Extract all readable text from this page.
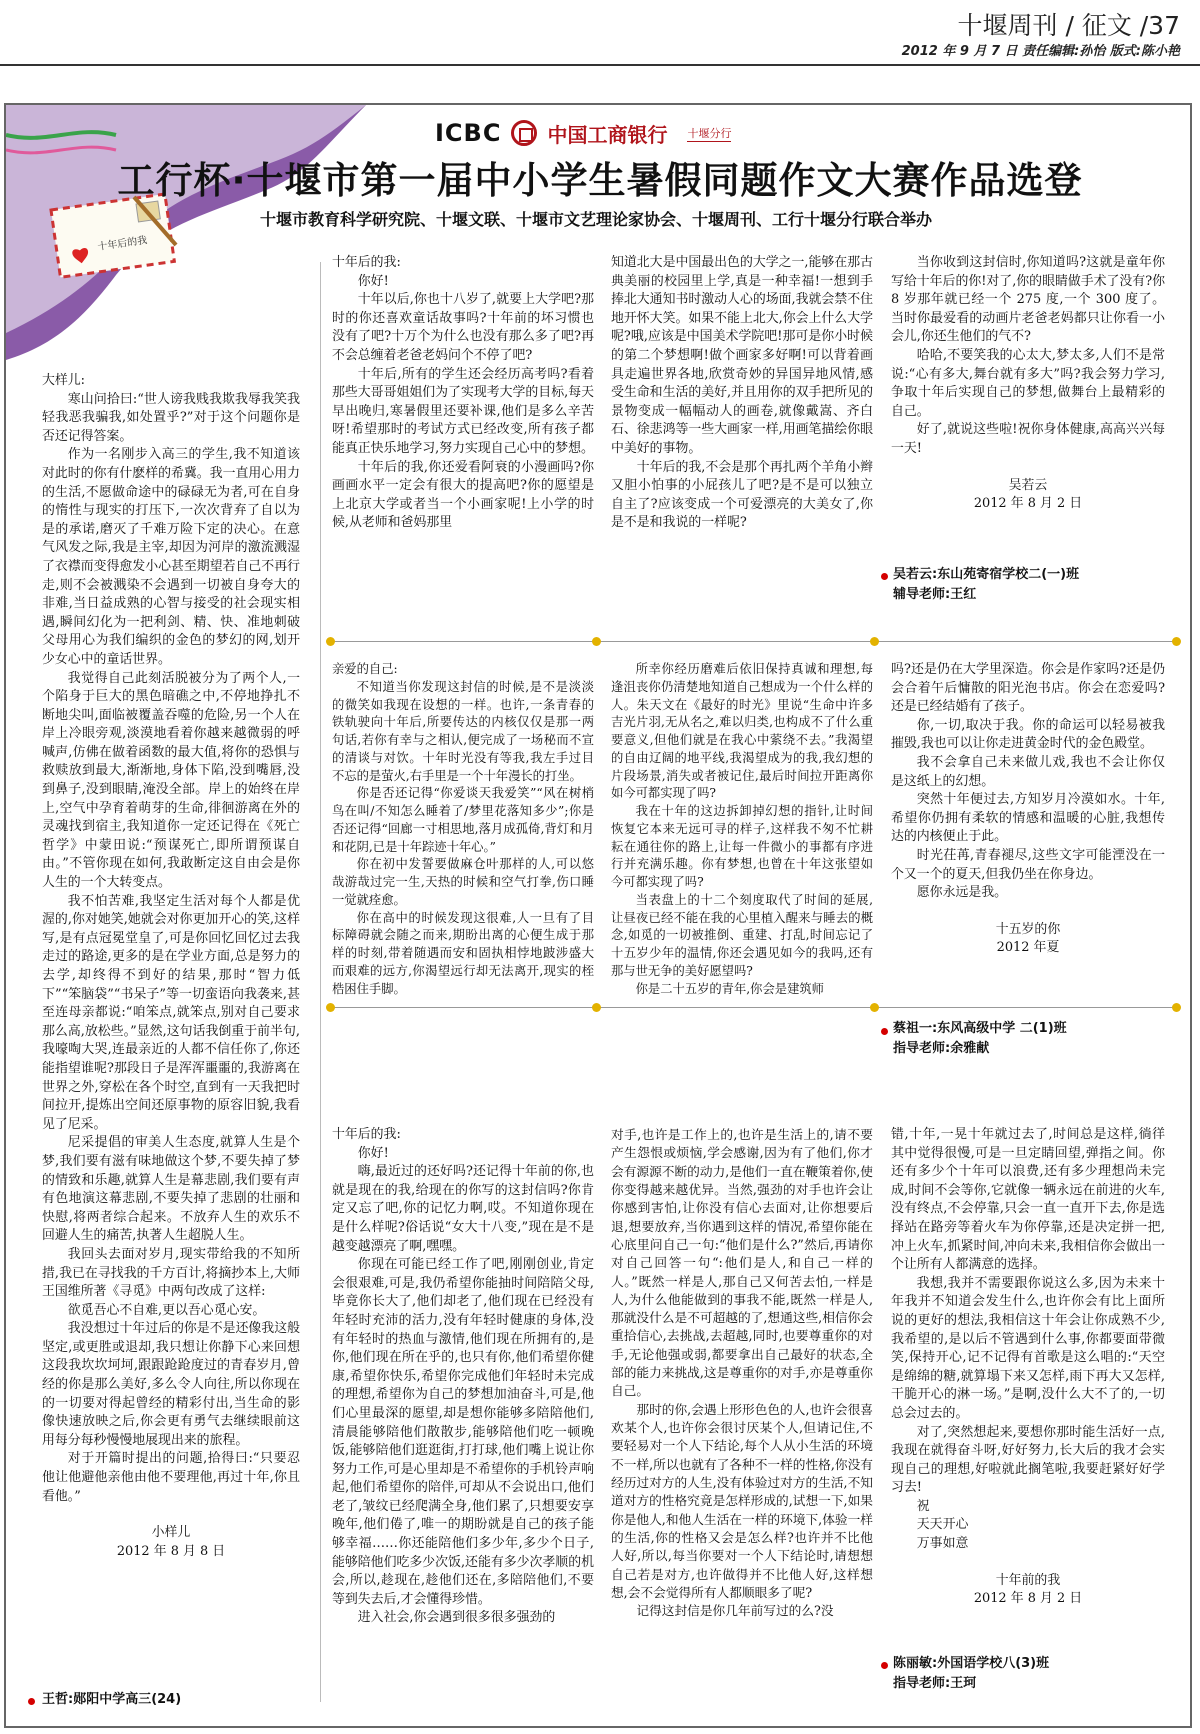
十堰周刊 / 征文 /37
2012 年 9 月 7 日 责任编辑:孙怡 版式:陈小艳
十年后的我
ICBC 中国工商银行 十堰分行
工行杯·十堰市第一届中小学生暑假同题作文大赛作品选登
十堰市教育科学研究院、十堰文联、十堰市文艺理论家协会、十堰周刊、工行十堰分行联合举办

大样儿:

寒山问拾曰:“世人谤我贱我欺我辱我笑我轻我恶我骗我,如处置乎?”对于这个问题你是否还记得答案。

作为一名刚步入高三的学生,我不知道该对此时的你有什麽样的希冀。我一直用心用力的生活,不愿做命途中的碌碌无为者,可在自身的惰性与现实的打压下,一次次背弃了自以为是的承诺,磨灭了千难万险下定的决心。在意气风发之际,我是主宰,却因为河岸的激流溅湿了衣襟而变得愈发小心甚至期望若自己不再行走,则不会被溅染不会遇到一切被自身夸大的非难,当日益成熟的心智与接受的社会现实相遇,瞬间幻化为一把利剑、精、快、准地刺破父母用心为我们编织的金色的梦幻的网,划开少女心中的童话世界。

我觉得自己此刻活脱被分为了两个人,一个陷身于巨大的黑色暗礁之中,不停地挣扎不断地尖叫,面临被覆盖吞噬的危险,另一个人在岸上冷眼旁观,淡漠地看着你越来越微弱的呼喊声,仿佛在做着函数的最大值,将你的恐惧与救赎放到最大,渐渐地,身体下陷,没到嘴唇,没到鼻子,没到眼睛,淹没全部。岸上的始终在岸上,空气中孕育着萌芽的生命,徘徊游离在外的灵魂找到宿主,我知道你一定还记得在《死亡哲学》中蒙田说:“预谋死亡,即所谓预谋自由。”不管你现在如何,我敢断定这自由会是你人生的一个大转变点。

我不怕苦难,我坚定生活对每个人都是优渥的,你对她笑,她就会对你更加开心的笑,这样写,是有点冠冕堂皇了,可是你回忆回忆过去我走过的路途,更多的是在学业方面,总是努力的去学,却终得不到好的结果,那时“智力低下”“笨脑袋”“书呆子”等一切蛮语向我袭来,甚至连母亲都说:“咱笨点,就笨点,别对自己要求那么高,放松些。”显然,这句话我倒重于前半句,我嚎啕大哭,连最亲近的人都不信任你了,你还能指望谁呢?那段日子是浑浑噩噩的,我游离在世界之外,穿松在各个时空,直到有一天我把时间拉开,提炼出空间还原事物的原容旧貌,我看见了尼采。

尼采提倡的审美人生态度,就算人生是个梦,我们要有滋有味地做这个梦,不要失掉了梦的情致和乐趣,就算人生是幕悲剧,我们要有声有色地演这幕悲剧,不要失掉了悲剧的壮丽和快慰,将两者综合起来。不放弃人生的欢乐不回避人生的痛苦,执著人生超脱人生。

我回头去面对岁月,现实带给我的不知所措,我已在寻找我的千方百计,将摘抄本上,大师王国维所著《寻觅》中两句改成了这样:

欲觅吾心不自难,更以吾心觅心安。

我没想过十年过后的你是不是还像我这般坚定,或更胜或退却,我只想让你静下心来回想这段我坎坎坷坷,跟跟跄跄度过的青春岁月,曾经的你是那么美好,多么令人向往,所以你现在的一切要对得起曾经的精彩付出,当生命的影像快速放映之后,你会更有勇气去继续眼前这用每分每秒慢慢地展现出来的旅程。

对于开篇时提出的问题,拾得曰:“只要忍他让他避他亲他由他不要理他,再过十年,你且看他。”

小样儿

2012 年 8 月 8 日

王哲:郧阳中学高三(24)

十年后的我:

你好!

十年以后,你也十八岁了,就要上大学吧?那时的你还喜欢童话故事吗?十年前的坏习惯也没有了吧?十万个为什么也没有那么多了吧?再不会总缠着老爸老妈问个不停了吧?

十年后,所有的学生还会经历高考吗?看着那些大哥哥姐姐们为了实现考大学的目标,每天早出晚归,寒暑假里还要补课,他们是多么辛苦呀!希望那时的考试方式已经改变,所有孩子都能真正快乐地学习,努力实现自己心中的梦想。

十年后的我,你还爱看阿衰的小漫画吗?你画画水平一定会有很大的提高吧?你的愿望是上北京大学或者当一个小画家呢!上小学的时候,从老师和爸妈那里

知道北大是中国最出色的大学之一,能够在那古典美丽的校园里上学,真是一种幸福!一想到手捧北大通知书时激动人心的场面,我就会禁不住地开怀大笑。如果不能上北大,你会上什么大学呢?哦,应该是中国美术学院吧!那可是你小时候的第二个梦想啊!做个画家多好啊!可以背着画具走遍世界各地,欣赏奇妙的异国异地风情,感受生命和生活的美好,并且用你的双手把所见的景物变成一幅幅动人的画卷,就像戴嵩、齐白石、徐悲鸿等一些大画家一样,用画笔描绘你眼中美好的事物。

十年后的我,不会是那个再扎两个羊角小辫又胆小怕事的小屁孩儿了吧?是不是可以独立自主了?应该变成一个可爱漂亮的大美女了,你是不是和我说的一样呢?

当你收到这封信时,你知道吗?这就是童年你写给十年后的你!对了,你的眼睛做手术了没有?你 8 岁那年就已经一个 275 度,一个 300 度了。当时你最爱看的动画片老爸老妈都只让你看一小会儿,你还生他们的气不?

哈哈,不要笑我的心太大,梦太多,人们不是常说:“心有多大,舞台就有多大”吗?我会努力学习,争取十年后实现自己的梦想,做舞台上最精彩的自己。

好了,就说这些啦!祝你身体健康,高高兴兴每一天!

吴若云

2012 年 8 月 2 日

吴若云:东山苑寄宿学校二(一)班
辅导老师:王红

亲爱的自己:

不知道当你发现这封信的时候,是不是淡淡的微笑如我现在设想的一样。也许,一条青春的铁轨驶向十年后,所要传达的内核仅仅是那一两句话,若你有幸与之相认,便完成了一场秘而不宣的清谈与对饮。十年时光没有等我,我左手过目不忘的是萤火,右手里是一个十年漫长的打坐。

你是否还记得“你爱谈天我爱笑”“风在树梢鸟在叫/不知怎么睡着了/梦里花落知多少”;你是否还记得“回廊一寸相思地,落月成孤倚,背灯和月和花阴,已是十年踪迹十年心。”

你在初中发誓要做麻仓叶那样的人,可以悠哉游哉过完一生,天热的时候和空气打拳,伤口睡一觉就痊愈。

你在高中的时候发现这很难,人一旦有了目标障碍就会随之而来,期盼出离的心便生成于那样的时刻,带着随遇而安和固执相悖地跛涉盛大而艰难的远方,你渴望远行却无法离开,现实的桎梏困住手脚。

所幸你经历磨难后依旧保持真诚和理想,每逢沮丧你仍清楚地知道自己想成为一个什么样的人。朱天文在《最好的时光》里说“生命中许多吉光片羽,无从名之,难以归类,也构成不了什么重要意义,但他们就是在我心中萦绕不去。”我渴望的自由辽阔的地平线,我渴望成为的我,我幻想的片段场景,消失或者被记住,最后时间拉开距离你如今可都实现了吗?

我在十年的这边拆卸掉幻想的指针,让时间恢复它本来无远可寻的样子,这样我不匆不忙耕耘在通往你的路上,让每一件微小的事都有序进行并充满乐趣。你有梦想,也曾在十年这张望如今可都实现了吗?

当表盘上的十二个刻度取代了时间的延展,让昼夜已经不能在我的心里植入醒来与睡去的概念,如觅的一切被推倒、重建、打乱,时间忘记了十五岁少年的温情,你还会遇见如今的我吗,还有那与世无争的美好愿望吗?

你是二十五岁的青年,你会是建筑师

吗?还是仍在大学里深造。你会是作家吗?还是仍会合着午后慵散的阳光泡书店。你会在恋爱吗?还是已经结婚有了孩子。

你,一切,取决于我。你的命运可以轻易被我摧毁,我也可以让你走进黄金时代的金色殿堂。

我不会拿自己未来做儿戏,我也不会让你仅是这纸上的幻想。

突然十年便过去,方知岁月冷漠如水。十年,希望你仍拥有柔软的情感和温暖的心脏,我想传达的内核便止于此。

时光茌苒,青春褪尽,这些文字可能湮没在一个又一个的夏天,但我仍坐在你身边。

愿你永远是我。

十五岁的你

2012 年夏

蔡祖一:东风高级中学 二(1)班
指导老师:余雅献

十年后的我:

你好!

嗨,最近过的还好吗?还记得十年前的你,也就是现在的我,给现在的你写的这封信吗?你肯定又忘了吧,你的记忆力啊,哎。不知道你现在是什么样呢?俗话说“女大十八变,”现在是不是越变越漂亮了啊,嘿嘿。

你现在可能已经工作了吧,刚刚创业,肯定会很艰难,可是,我仍希望你能抽时间陪陪父母,毕竟你长大了,他们却老了,他们现在已经没有年轻时充沛的活力,没有年轻时健康的身体,没有年轻时的热血与激情,他们现在所拥有的,是你,他们现在所在乎的,也只有你,他们希望你健康,希望你快乐,希望你完成他们年轻时未完成的理想,希望你为自己的梦想加油奋斗,可是,他们心里最深的愿望,却是想你能够多陪陪他们,清晨能够陪他们散散步,能够陪他们吃一顿晚饭,能够陪他们逛逛街,打打球,他们嘴上说让你努力工作,可是心里却是不希望你的手机铃声响起,他们希望你的陪伴,可却从不会说出口,他们老了,皱纹已经爬满全身,他们累了,只想要安享晚年,他们倦了,唯一的期盼就是自己的孩子能够幸福……你还能陪他们多少年,多少个日子,能够陪他们吃多少次饭,还能有多少次孝顺的机会,所以,趁现在,趁他们还在,多陪陪他们,不要等到失去后,才会懂得珍惜。

进入社会,你会遇到很多很多强劲的

对手,也许是工作上的,也许是生活上的,请不要产生怨恨或烦恼,学会感谢,因为有了他们,你才会有源源不断的动力,是他们一直在鞭策着你,使你变得越来越优异。当然,强劲的对手也许会让你感到害怕,让你没有信心去面对,让你想要后退,想要放弃,当你遇到这样的情况,希望你能在心底里问自己一句:“他们是什么?”然后,再请你对自己回答一句“:他们是人,和自己一样的人。”既然一样是人,那自己又何苦去怕,一样是人,为什么他能做到的事我不能,既然一样是人,那就没什么是不可超越的了,想通这些,相信你会重拾信心,去挑战,去超越,同时,也要尊重你的对手,无论他强或弱,都要拿出自己最好的状态,全部的能力来挑战,这是尊重你的对手,亦是尊重你自己。

那时的你,会遇上形形色色的人,也许会很喜欢某个人,也许你会很讨厌某个人,但请记住,不要轻易对一个人下结论,每个人从小生活的环境不一样,所以也就有了各种不一样的性格,你没有经历过对方的人生,没有体验过对方的生活,不知道对方的性格究竟是怎样形成的,试想一下,如果你是他人,和他人生活在一样的环境下,体验一样的生活,你的性格又会是怎么样?也许并不比他人好,所以,每当你要对一个人下结论时,请想想自己若是对方,也许做得并不比他人好,这样想想,会不会觉得所有人都顺眼多了呢?

记得这封信是你几年前写过的么?没

错,十年,一晃十年就过去了,时间总是这样,徜徉其中觉得很慢,可是一旦定睛回望,弹指之间。你还有多少个十年可以浪费,还有多少理想尚未完成,时间不会等你,它就像一辆永远在前进的火车,没有终点,不会停靠,只会一直一直开下去,你是选择站在路旁等着火车为你停靠,还是决定拼一把,冲上火车,抓紧时间,冲向未来,我相信你会做出一个让所有人都满意的选择。

我想,我并不需要跟你说这么多,因为未来十年我并不知道会发生什么,也许你会有比上面所说的更好的想法,我相信这十年会让你成熟不少,我希望的,是以后不管遇到什么事,你都要面带微笑,保持开心,记不记得有首歌是这么唱的:“天空是绵绵的糖,就算塌下来又怎样,雨下再大又怎样,干脆开心的淋一场。”是啊,没什么大不了的,一切总会过去的。

对了,突然想起来,要想你那时能生活好一点,我现在就得奋斗呀,好好努力,长大后的我才会实现自己的理想,好啦就此搁笔啦,我要赶紧好好学习去!

祝

天天开心

万事如意

十年前的我

2012 年 8 月 2 日

陈丽敏:外国语学校八(3)班
指导老师:王珂
